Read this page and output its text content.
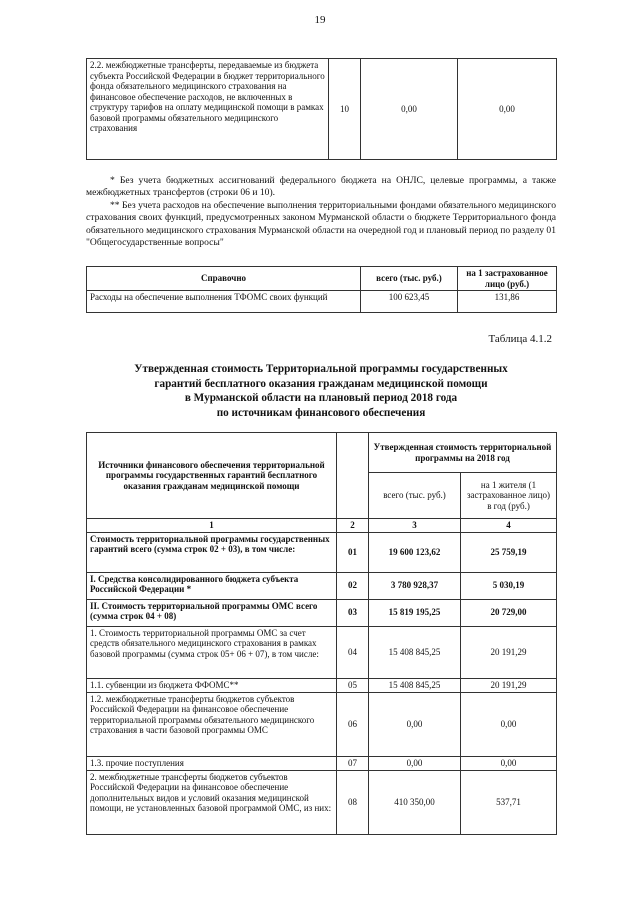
19
2.2. межбюджетные трансферты, передаваемые из бюджета субъекта Российской Федерации в бюджет территориального фонда обязательного медицинского страхования на финансовое обеспечение расходов, не включенных в структуру тарифов на оплату медицинской помощи в рамках базовой программы обязательного медицинского страхования	10	0,00	0,00

* Без учета бюджетных ассигнований федерального бюджета на ОНЛС, целевые программы, а также межбюджетных трансфертов (строки 06 и 10).

** Без учета расходов на обеспечение выполнения территориальными фондами обязательного медицинского страхования своих функций, предусмотренных законом Мурманской области о бюджете Территориального фонда обязательного медицинского страхования Мурманской области на очередной год и плановый период по разделу 01 "Общегосударственные вопросы"

Справочно	всего (тыс. руб.)	на 1 застрахованное лицо (руб.)
Расходы на обеспечение выполнения ТФОМС своих функций	100 623,45	131,86
Таблица 4.1.2

Утвержденная стоимость Территориальной программы государственных

гарантий бесплатного оказания гражданам медицинской помощи

в Мурманской области на плановый период 2018 года

по источникам финансового обеспечения

Источники финансового обеспечения территориальной программы государственных гарантий бесплатного оказания гражданам медицинской помощи		Утвержденная стоимость территориальной программы на 2018 год	
		всего (тыс. руб.)	на 1 жителя (1 застрахованное лицо) в год (руб.)
1	2	3	4
Стоимость территориальной программы государственных гарантий всего (сумма строк 02 + 03), в том числе:	01	19 600 123,62	25 759,19
I. Средства консолидированного бюджета субъекта Российской Федерации *	02	3 780 928,37	5 030,19
II. Стоимость территориальной программы ОМС всего (сумма строк 04 + 08)	03	15 819 195,25	20 729,00
1. Стоимость территориальной программы ОМС за счет средств обязательного медицинского страхования в рамках базовой программы (сумма строк 05+ 06 + 07), в том числе:	04	15 408 845,25	20 191,29
1.1. субвенции из бюджета ФФОМС**	05	15 408 845,25	20 191,29
1.2. межбюджетные трансферты бюджетов субъектов Российской Федерации на финансовое обеспечение территориальной программы обязательного медицинского страхования в части базовой программы ОМС	06	0,00	0,00
1.3. прочие поступления	07	0,00	0,00
2. межбюджетные трансферты бюджетов субъектов Российской Федерации на финансовое обеспечение дополнительных видов и условий оказания медицинской помощи, не установленных базовой программой ОМС, из них:	08	410 350,00	537,71
